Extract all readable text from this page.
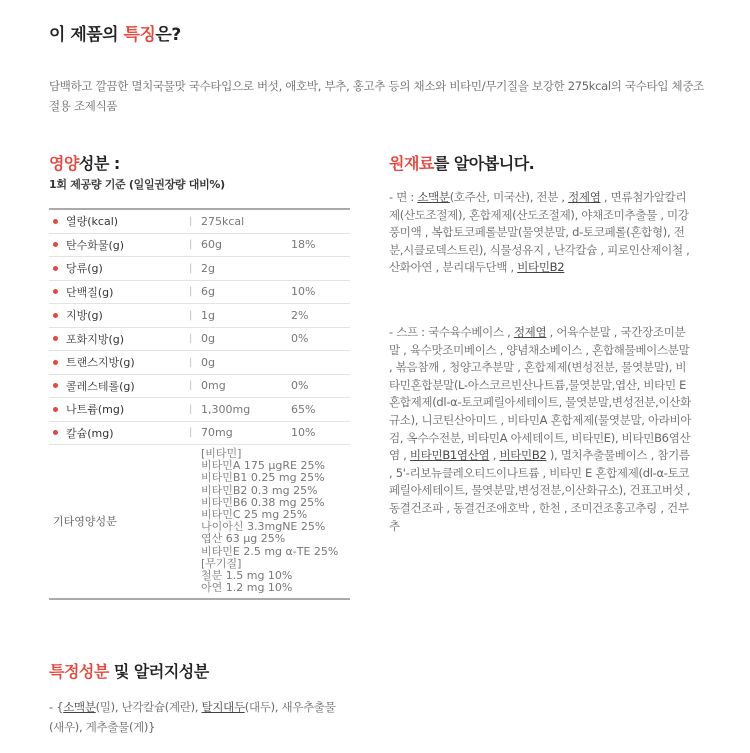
이 제품의 특징은?
담백하고 깔끔한 멸치국물맛 국수타입으로 버섯, 애호박, 부추, 홍고추 등의 채소와 비타민/무기질을 보강한 275kcal의 국수타입 체중조절용 조제식품
영양성분 :
1회 제공량 기준 (일일권장량 대비%)
열량(kcal)	| 275kcal
탄수화물(g)	| 60g	18%
당류(g)	| 2g
단백질(g)	| 6g	10%
지방(g)	| 1g	2%
포화지방(g)	| 0g	0%
트랜스지방(g)	| 0g
콜레스테롤(g)	| 0mg	0%
나트륨(mg)	| 1,300mg	65%
칼슘(mg)	| 70mg	10%
기타영양성분
[비타민]
비타민A 175 μgRE 25%
비타민B1 0.25 mg 25%
비타민B2 0.3 mg 25%
비타민B6 0.38 mg 25%
비타민C 25 mg 25%
나이아신 3.3mgNE 25%
엽산 63 μg 25%
비타민E 2.5 mg α-TE 25%
[무기질]
철분 1.5 mg 10%
아연 1.2 mg 10%
원재료를 알아봅니다.
- 면 : 소맥분(호주산, 미국산), 전분 , 정제염 , 면류첨가알칼리제(산도조절제), 혼합제제(산도조절제), 야채조미추출물 , 미강풍미액 , 복합토코페롤분말(물엿분말, d-토코페롤(혼합형), 전분,시클로덱스트린), 식물성유지 , 난각칼슘 , 피로인산제이철 , 산화아연 , 분리대두단백 , 비타민B2
- 스프 : 국수육수베이스 , 정제염 , 어육수분말 , 국간장조미분말 , 육수맛조미베이스 , 양념채소베이스 , 혼합해물베이스분말 , 볶음참깨 , 청양고추분말 , 혼합제제(변성전분, 물엿분말), 비타민혼합분말(L-아스코르빈산나트륨,물엿분말,엽산, 비타민 E 혼합제제(dl-α-토코페릴아세테이트, 물엿분말,변성전분,이산화규소), 니코틴산아미드 , 비타민A 혼합제제(물엿분말, 아라비아검, 옥수수전분, 비타민A 아세테이트, 비타민E), 비타민B6염산염 , 비타민B1염산염 , 비타민B2 ), 멸치추출물베이스 , 참기름 , 5'-리보뉴클레오티드이나트륨 , 비타민 E 혼합제제(dl-α-토코페릴아세테이트, 물엿분말,변성전분,이산화규소), 건표고버섯 , 동결건조파 , 동결건조애호박 , 한천 , 조미건조홍고추링 , 건부추
특정성분 및 알러지성분
- {소맥분(밀), 난각칼슘(계란), 탈지대두(대두), 새우추출물(새우), 게추출물(게)}
